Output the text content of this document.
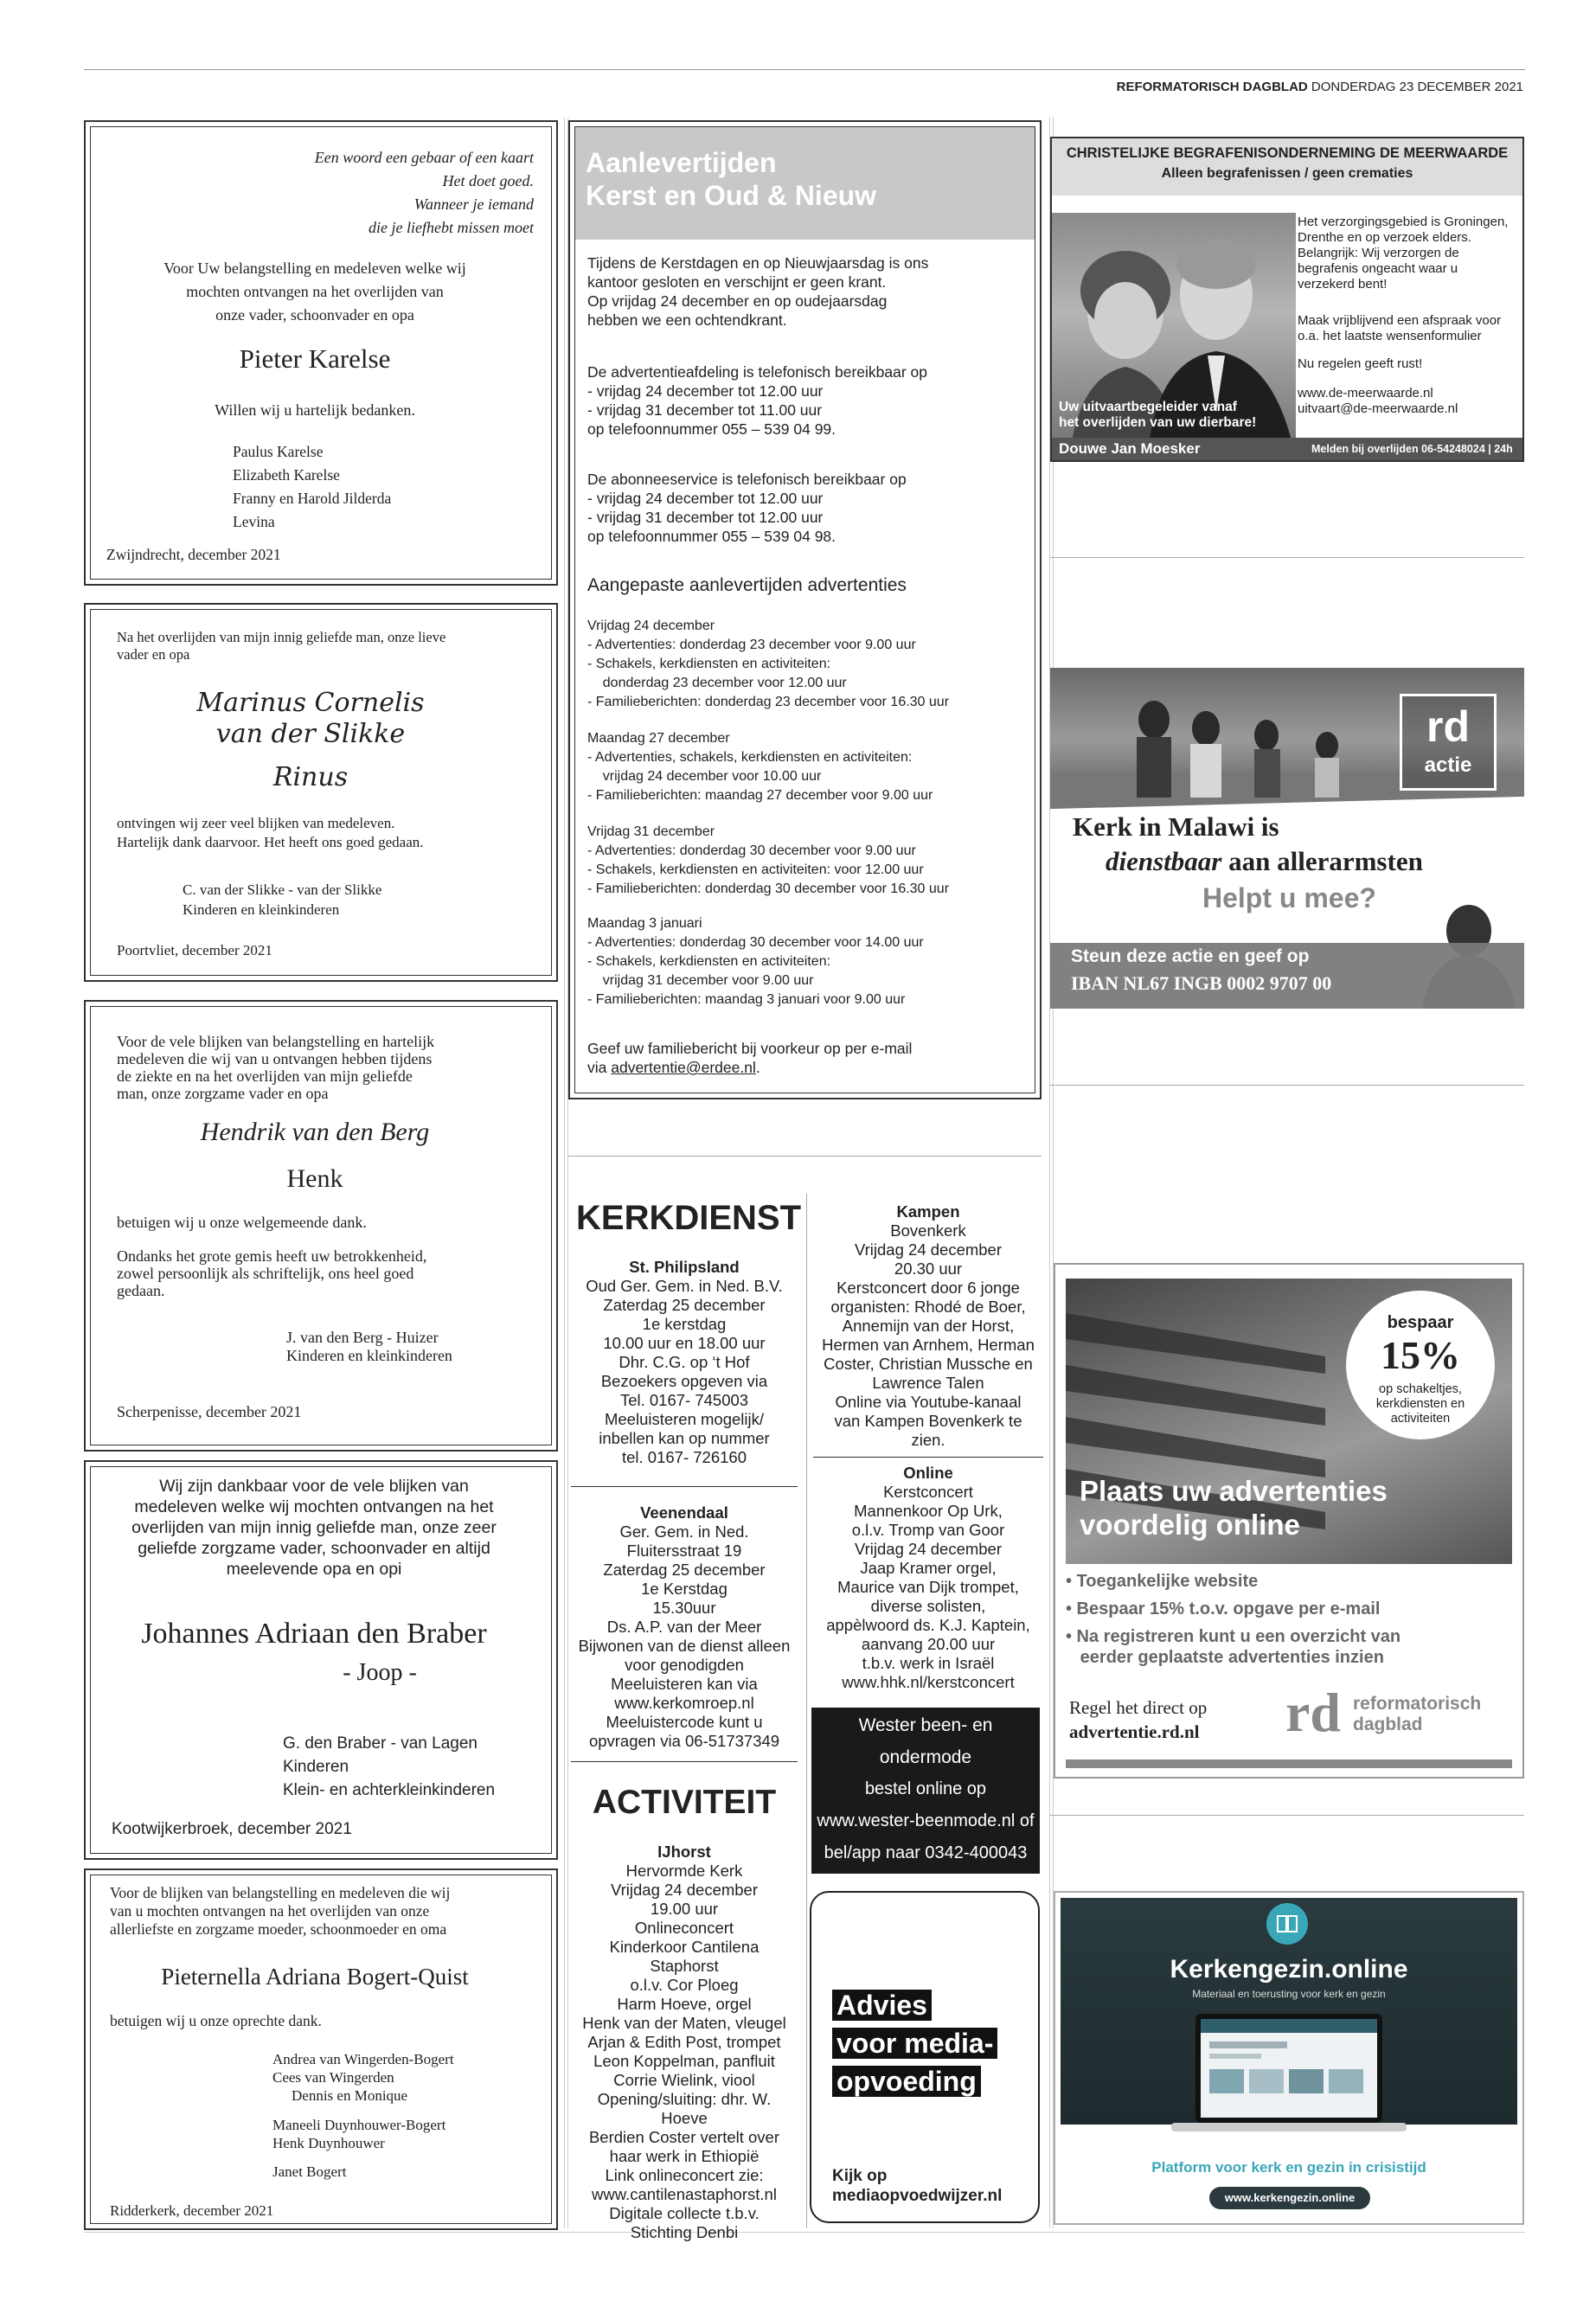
REFORMATORISCH DAGBLAD DONDERDAG 23 DECEMBER 2021
Een woord een gebaar of een kaart
Het doet goed.
Wanneer je iemand
die je liefhebt missen moet
Voor Uw belangstelling en medeleven welke wij
mochten ontvangen na het overlijden van
onze vader, schoonvader en opa
Pieter Karelse
Willen wij u hartelijk bedanken.
Paulus Karelse
Elizabeth Karelse
Franny en Harold Jilderda
Levina
Zwijndrecht, december 2021
Na het overlijden van mijn innig geliefde man, onze lieve
vader en opa
Marinus Cornelis
van der Slikke
Rinus
ontvingen wij zeer veel blijken van medeleven.
Hartelijk dank daarvoor. Het heeft ons goed gedaan.
C. van der Slikke - van der Slikke
Kinderen en kleinkinderen
Poortvliet, december 2021
Voor de vele blijken van belangstelling en hartelijk
medeleven die wij van u ontvangen hebben tijdens
de ziekte en na het overlijden van mijn geliefde
man, onze zorgzame vader en opa
Hendrik van den Berg
Henk
betuigen wij u onze welgemeende dank.
Ondanks het grote gemis heeft uw betrokkenheid,
zowel persoonlijk als schriftelijk, ons heel goed
gedaan.
J. van den Berg - Huizer
Kinderen en kleinkinderen
Scherpenisse, december 2021
Wij zijn dankbaar voor de vele blijken van
medeleven welke wij mochten ontvangen na het
overlijden van mijn innig geliefde man, onze zeer
geliefde zorgzame vader, schoonvader en altijd
meelevende opa en opi
Johannes Adriaan den Braber
- Joop -
G. den Braber - van Lagen
Kinderen
Klein- en achterkleinkinderen
Kootwijkerbroek, december 2021
Voor de blijken van belangstelling en medeleven die wij
van u mochten ontvangen na het overlijden van onze
allerliefste en zorgzame moeder, schoonmoeder en oma
Pieternella Adriana Bogert-Quist
betuigen wij u onze oprechte dank.
Andrea van Wingerden-Bogert
Cees van Wingerden
Dennis en Monique
Maneeli Duynhouwer-Bogert
Henk Duynhouwer
Janet Bogert
Ridderkerk, december 2021
Aanlevertijden
Kerst en Oud & Nieuw
Tijdens de Kerstdagen en op Nieuwjaarsdag is ons
kantoor gesloten en verschijnt er geen krant.
Op vrijdag 24 december en op oudejaarsdag
hebben we een ochtendkrant.
De advertentieafdeling is telefonisch bereikbaar op
- vrijdag 24 december tot 12.00 uur
- vrijdag 31 december tot 11.00 uur
op telefoonnummer 055 – 539 04 99.
De abonneeservice is telefonisch bereikbaar op
- vrijdag 24 december tot 12.00 uur
- vrijdag 31 december tot 12.00 uur
op telefoonnummer 055 – 539 04 98.
Aangepaste aanlevertijden advertenties
Vrijdag 24 december
- Advertenties: donderdag 23 december voor 9.00 uur
- Schakels, kerkdiensten en activiteiten:
donderdag 23 december voor 12.00 uur
- Familieberichten: donderdag 23 december voor 16.30 uur
Maandag 27 december
- Advertenties, schakels, kerkdiensten en activiteiten:
vrijdag 24 december voor 10.00 uur
- Familieberichten: maandag 27 december voor 9.00 uur
Vrijdag 31 december
- Advertenties: donderdag 30 december voor 9.00 uur
- Schakels, kerkdiensten en activiteiten: voor 12.00 uur
- Familieberichten: donderdag 30 december voor 16.30 uur
Maandag 3 januari
- Advertenties: donderdag 30 december voor 14.00 uur
- Schakels, kerkdiensten en activiteiten:
vrijdag 31 december voor 9.00 uur
- Familieberichten: maandag 3 januari voor 9.00 uur
Geef uw familiebericht bij voorkeur op per e-mail
via advertentie@erdee.nl.
KERKDIENST
St. Philipsland
Oud Ger. Gem. in Ned. B.V.
Zaterdag 25 december
1e kerstdag
10.00 uur en 18.00 uur
Dhr. C.G. op ‘t Hof
Bezoekers opgeven via
Tel. 0167- 745003
Meeluisteren mogelijk/
inbellen kan op nummer
tel. 0167- 726160
Veenendaal
Ger. Gem. in Ned.
Fluitersstraat 19
Zaterdag 25 december
1e Kerstdag
15.30uur
Ds. A.P. van der Meer
Bijwonen van de dienst alleen
voor genodigden
Meeluisteren kan via
www.kerkomroep.nl
Meeluistercode kunt u
opvragen via 06-51737349
ACTIVITEIT
IJhorst
Hervormde Kerk
Vrijdag 24 december
19.00 uur
Onlineconcert
Kinderkoor Cantilena
Staphorst
o.l.v. Cor Ploeg
Harm Hoeve, orgel
Henk van der Maten, vleugel
Arjan & Edith Post, trompet
Leon Koppelman, panfluit
Corrie Wielink, viool
Opening/sluiting: dhr. W.
Hoeve
Berdien Coster vertelt over
haar werk in Ethiopië
Link onlineconcert zie:
www.cantilenastaphorst.nl
Digitale collecte t.b.v.
Stichting Denbi
Kampen
Bovenkerk
Vrijdag 24 december
20.30 uur
Kerstconcert door 6 jonge
organisten: Rhodé de Boer,
Annemijn van der Horst,
Hermen van Arnhem, Herman
Coster, Christian Mussche en
Lawrence Talen
Online via Youtube-kanaal
van Kampen Bovenkerk te
zien.
Online
Kerstconcert
Mannenkoor Op Urk,
o.l.v. Tromp van Goor
Vrijdag 24 december
Jaap Kramer orgel,
Maurice van Dijk trompet,
diverse solisten,
appèlwoord ds. K.J. Kaptein,
aanvang 20.00 uur
t.b.v. werk in Israël
www.hhk.nl/kerstconcert
Wester been- en ondermode
bestel online op
www.wester-beenmode.nl of
bel/app naar 0342-400043
voor click & collect
Advies
voor media-
opvoeding
Kijk op
mediaopvoedwijzer.nl
CHRISTELIJKE BEGRAFENISONDERNEMING DE MEERWAARDE
Alleen begrafenissen / geen crematies
Uw uitvaartbegeleider vanaf
het overlijden van uw dierbare!
Douwe Jan Moesker	Melden bij overlijden 06-54248024 | 24h
Het verzorgingsgebied is Groningen,
Drenthe en op verzoek elders.
Belangrijk: Wij verzorgen de
begrafenis ongeacht waar u
verzekerd bent!
Maak vrijblijvend een afspraak voor
o.a. het laatste wensenformulier
Nu regelen geeft rust!
www.de-meerwaarde.nl
uitvaart@de-meerwaarde.nl
rd
actie
Kerk in Malawi is
dienstbaar aan allerarmsten
Helpt u mee?
Steun deze actie en geef op
IBAN NL67 INGB 0002 9707 00
bespaar
15%
op schakeltjes,
kerkdiensten en
activiteiten
Plaats uw advertenties
voordelig online
• Toegankelijke website
• Bespaar 15% t.o.v. opgave per e-mail
• Na registreren kunt u een overzicht van
eerder geplaatste advertenties inzien
Regel het direct op
advertentie.rd.nl rd reformatorisch
dagblad
Kerkengezin.online
Materiaal en toerusting voor kerk en gezin
Platform voor kerk en gezin in crisistijd
www.kerkengezin.online
